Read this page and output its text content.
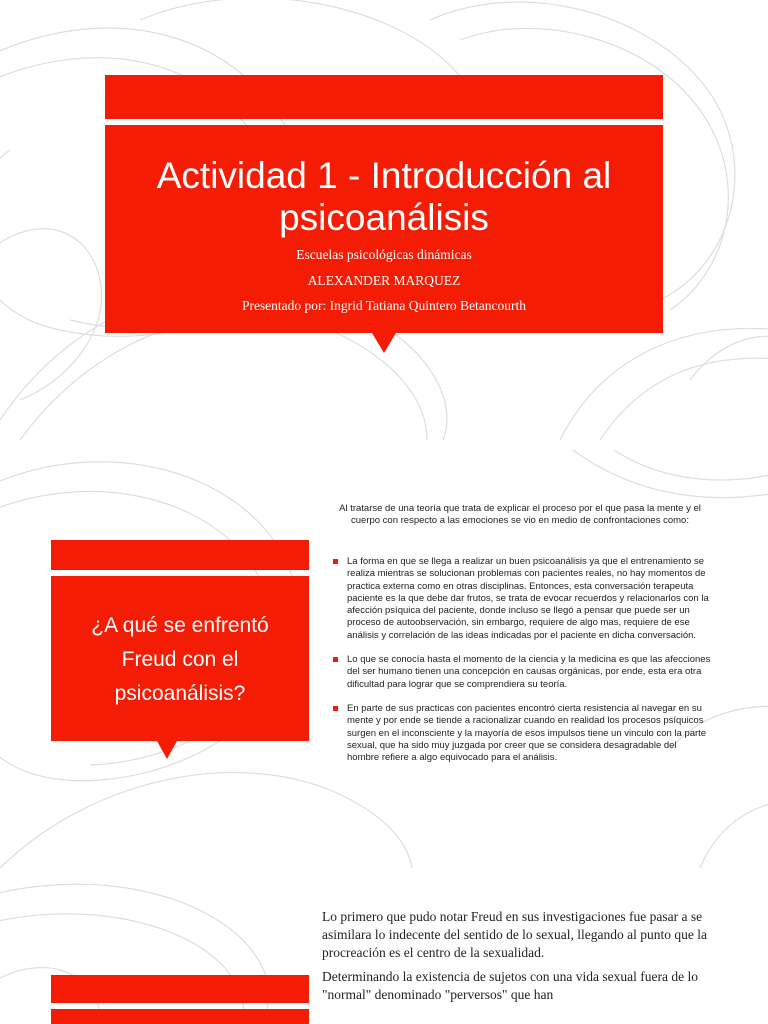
Actividad 1 - Introducción al
psicoanálisis
Escuelas psicológicas dinámicas
ALEXANDER MARQUEZ
Presentado por: Ingrid Tatiana Quintero Betancourth
¿A qué se enfrentó
Freud con el
psicoanálisis?
Al tratarse de una teoría que trata de explicar el proceso por el que pasa la mente y el cuerpo con respecto a las emociones se vio en medio de confrontaciones como:
La forma en que se llega a realizar un buen psicoanálisis ya que el entrenamiento se realiza mientras se solucionan problemas con pacientes reales, no hay momentos de practica externa como en otras disciplinas. Entonces, esta conversación terapeuta paciente es la que debe dar frutos, se trata de evocar recuerdos y relacionarlos con la afección psíquica del paciente, donde incluso se llegó a pensar que puede ser un proceso de autoobservación, sin embargo, requiere de algo mas, requiere de ese análisis y correlación de las ideas indicadas por el paciente en dicha conversación.
Lo que se conocía hasta el momento de la ciencia y la medicina es que las afecciones del ser humano tienen una concepción en causas orgánicas, por ende, esta era otra dificultad para lograr que se comprendiera su teoría.
En parte de sus practicas con pacientes encontró cierta resistencia al navegar en su mente y por ende se tiende a racionalizar cuando en realidad los procesos psíquicos surgen en el inconsciente y la mayoría de esos impulsos tiene un vinculo con la parte sexual, que ha sido muy juzgada por creer que se considera desagradable del hombre refiere a algo equivocado para el análisis.

Lo primero que pudo notar Freud en sus investigaciones fue pasar a se asimilara lo indecente del sentido de lo sexual, llegando al punto que la procreación es el centro de la sexualidad.

Determinando la existencia de sujetos con una vida sexual fuera de lo "normal" denominado "perversos" que han
